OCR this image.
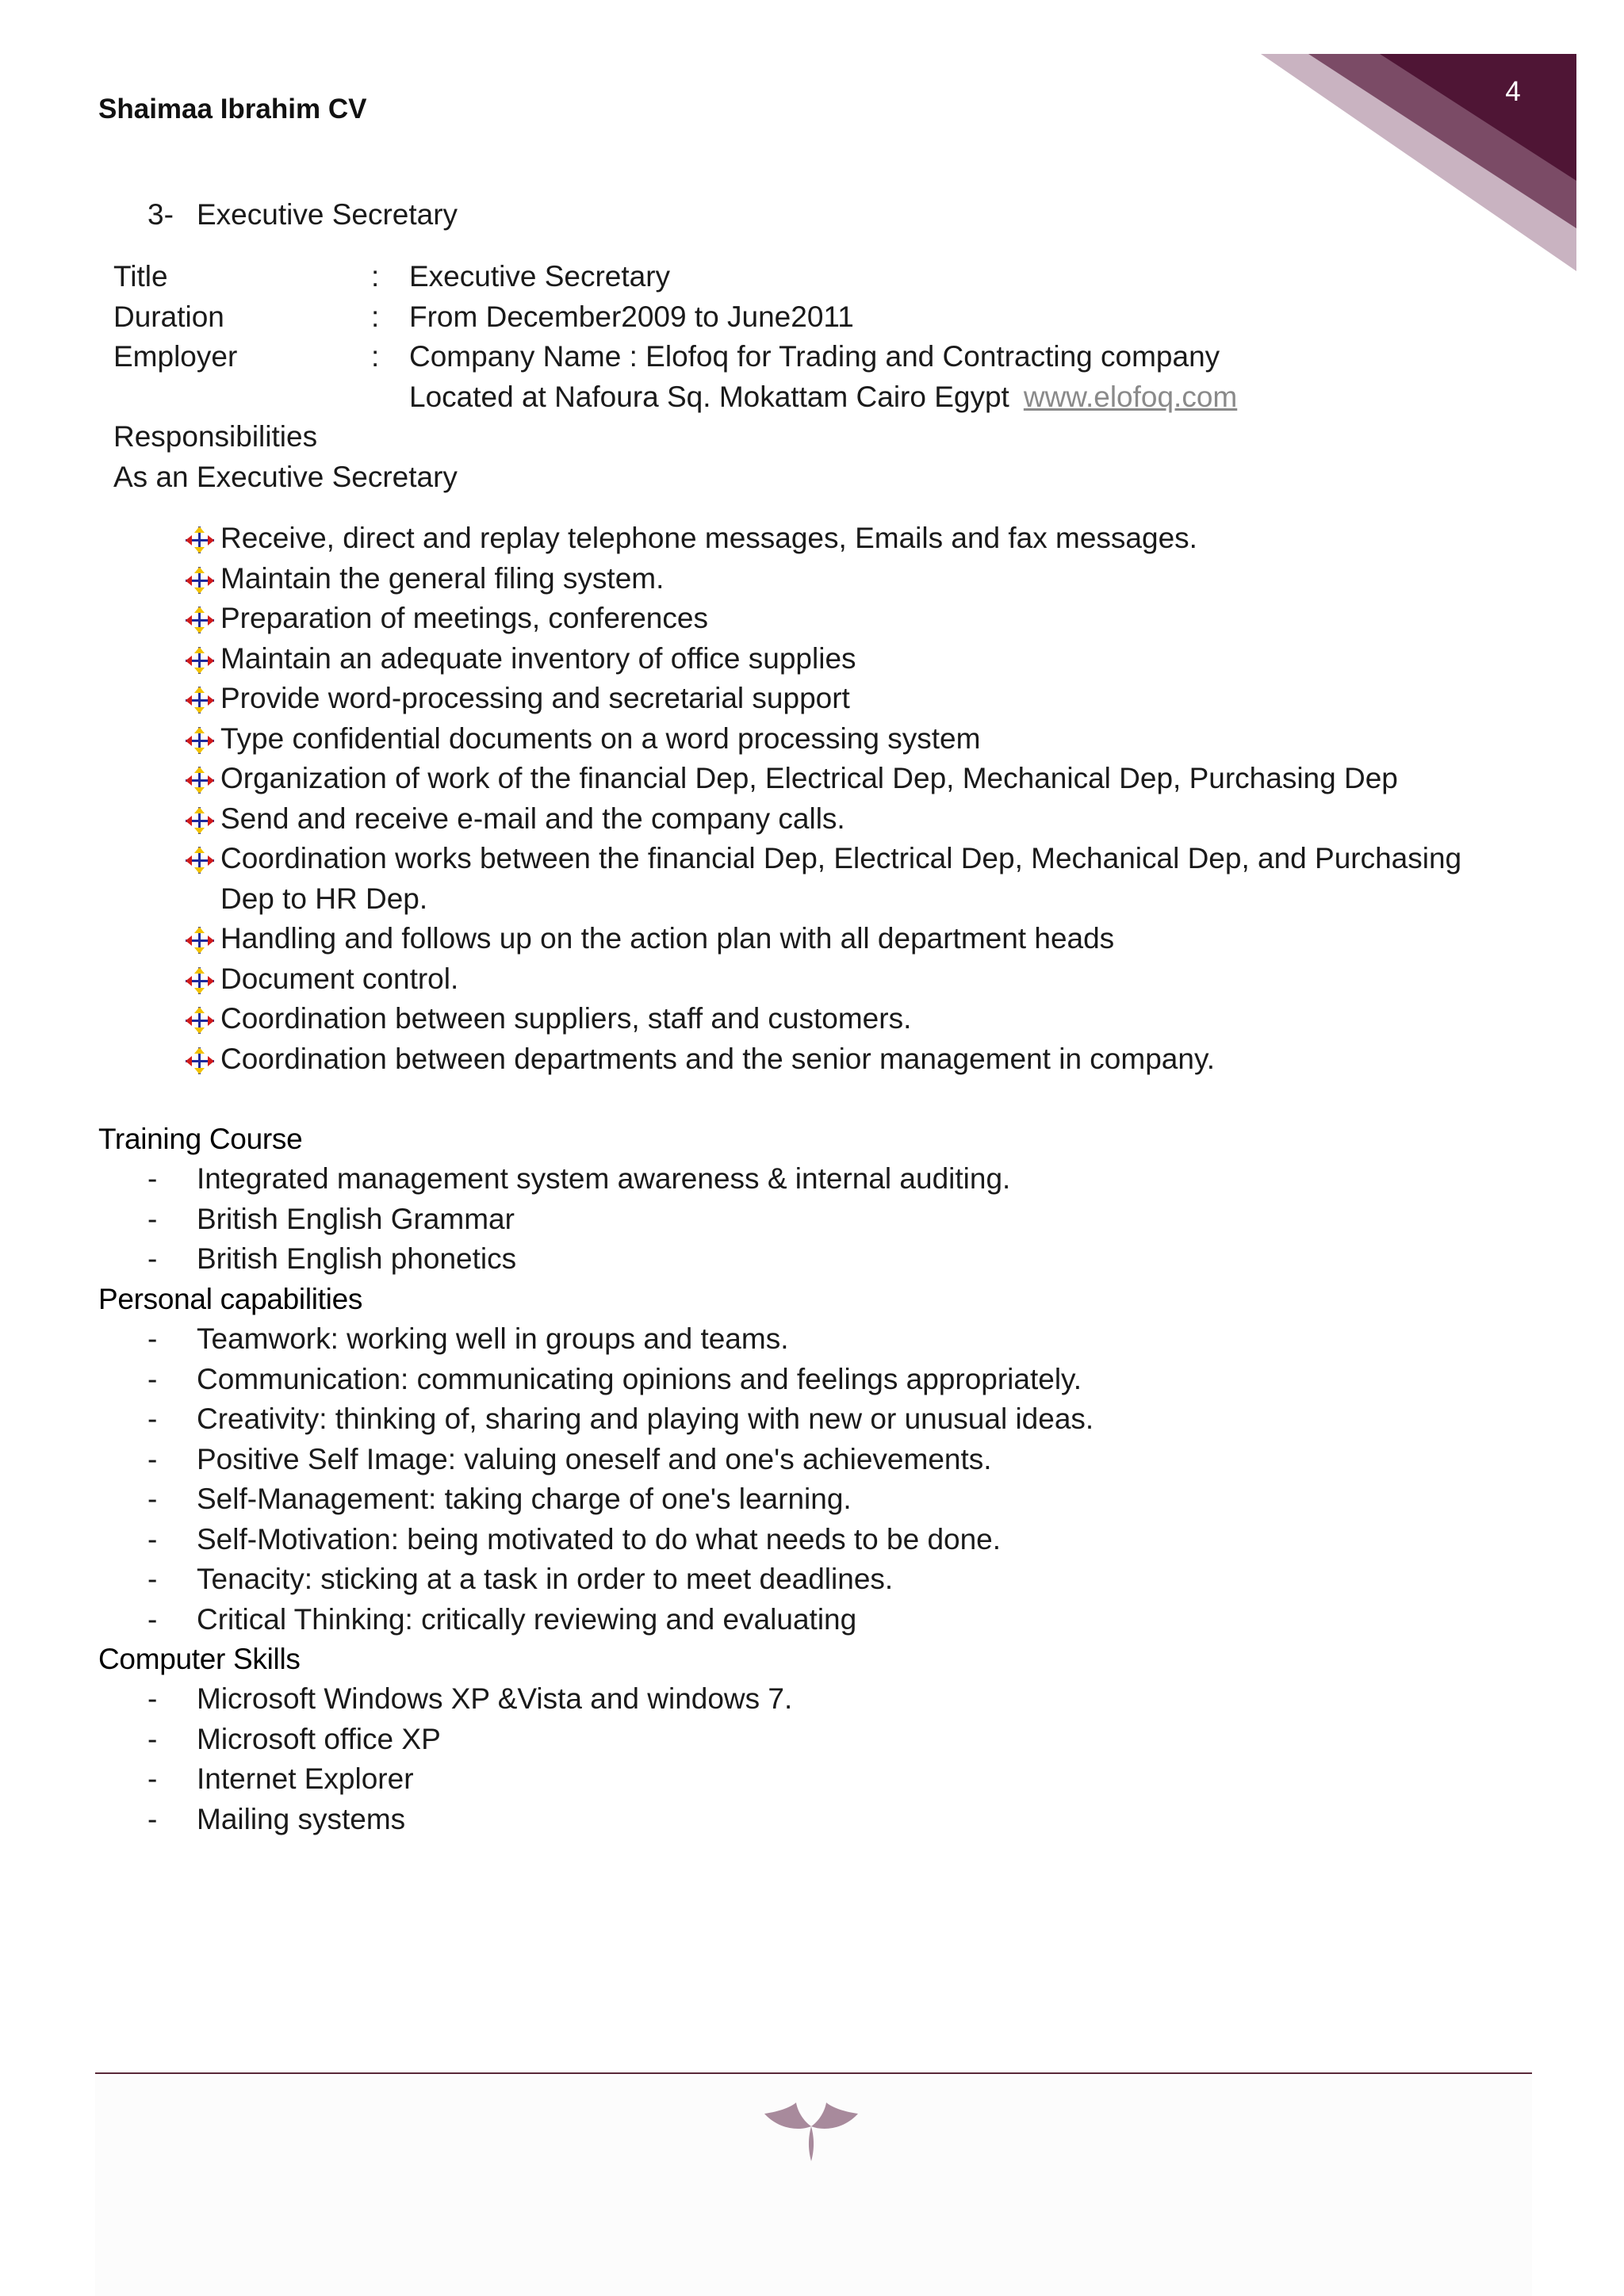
Shaimaa Ibrahim CV
4
3- Executive Secretary
Title	:	Executive Secretary
Duration	:	From December2009 to June2011
Employer	:	Company Name : Elofoq for Trading and Contracting company
Located at Nafoura Sq. Mokattam Cairo Egypt www.elofoq.com
Responsibilities
As an Executive Secretary
Receive, direct and replay telephone messages, Emails and fax messages.
Maintain the general filing system.
Preparation of meetings, conferences
Maintain an adequate inventory of office supplies
Provide word-processing and secretarial support
Type confidential documents on a word processing system
Organization of work of the financial Dep, Electrical Dep, Mechanical Dep, Purchasing Dep
Send and receive e-mail and the company calls.
Coordination works between the financial Dep, Electrical Dep, Mechanical Dep, and Purchasing Dep to HR Dep.
Handling and follows up on the action plan with all department heads
Document control.
Coordination between suppliers, staff and customers.
Coordination between departments and the senior management in company.
Training Course
- Integrated management system awareness & internal auditing.
- British English Grammar
- British English phonetics
Personal capabilities
- Teamwork: working well in groups and teams.
- Communication: communicating opinions and feelings appropriately.
- Creativity: thinking of, sharing and playing with new or unusual ideas.
- Positive Self Image: valuing oneself and one's achievements.
- Self-Management: taking charge of one's learning.
- Self-Motivation: being motivated to do what needs to be done.
- Tenacity: sticking at a task in order to meet deadlines.
- Critical Thinking: critically reviewing and evaluating
Computer Skills
- Microsoft Windows XP &Vista and windows 7.
- Microsoft office XP
- Internet Explorer
- Mailing systems
